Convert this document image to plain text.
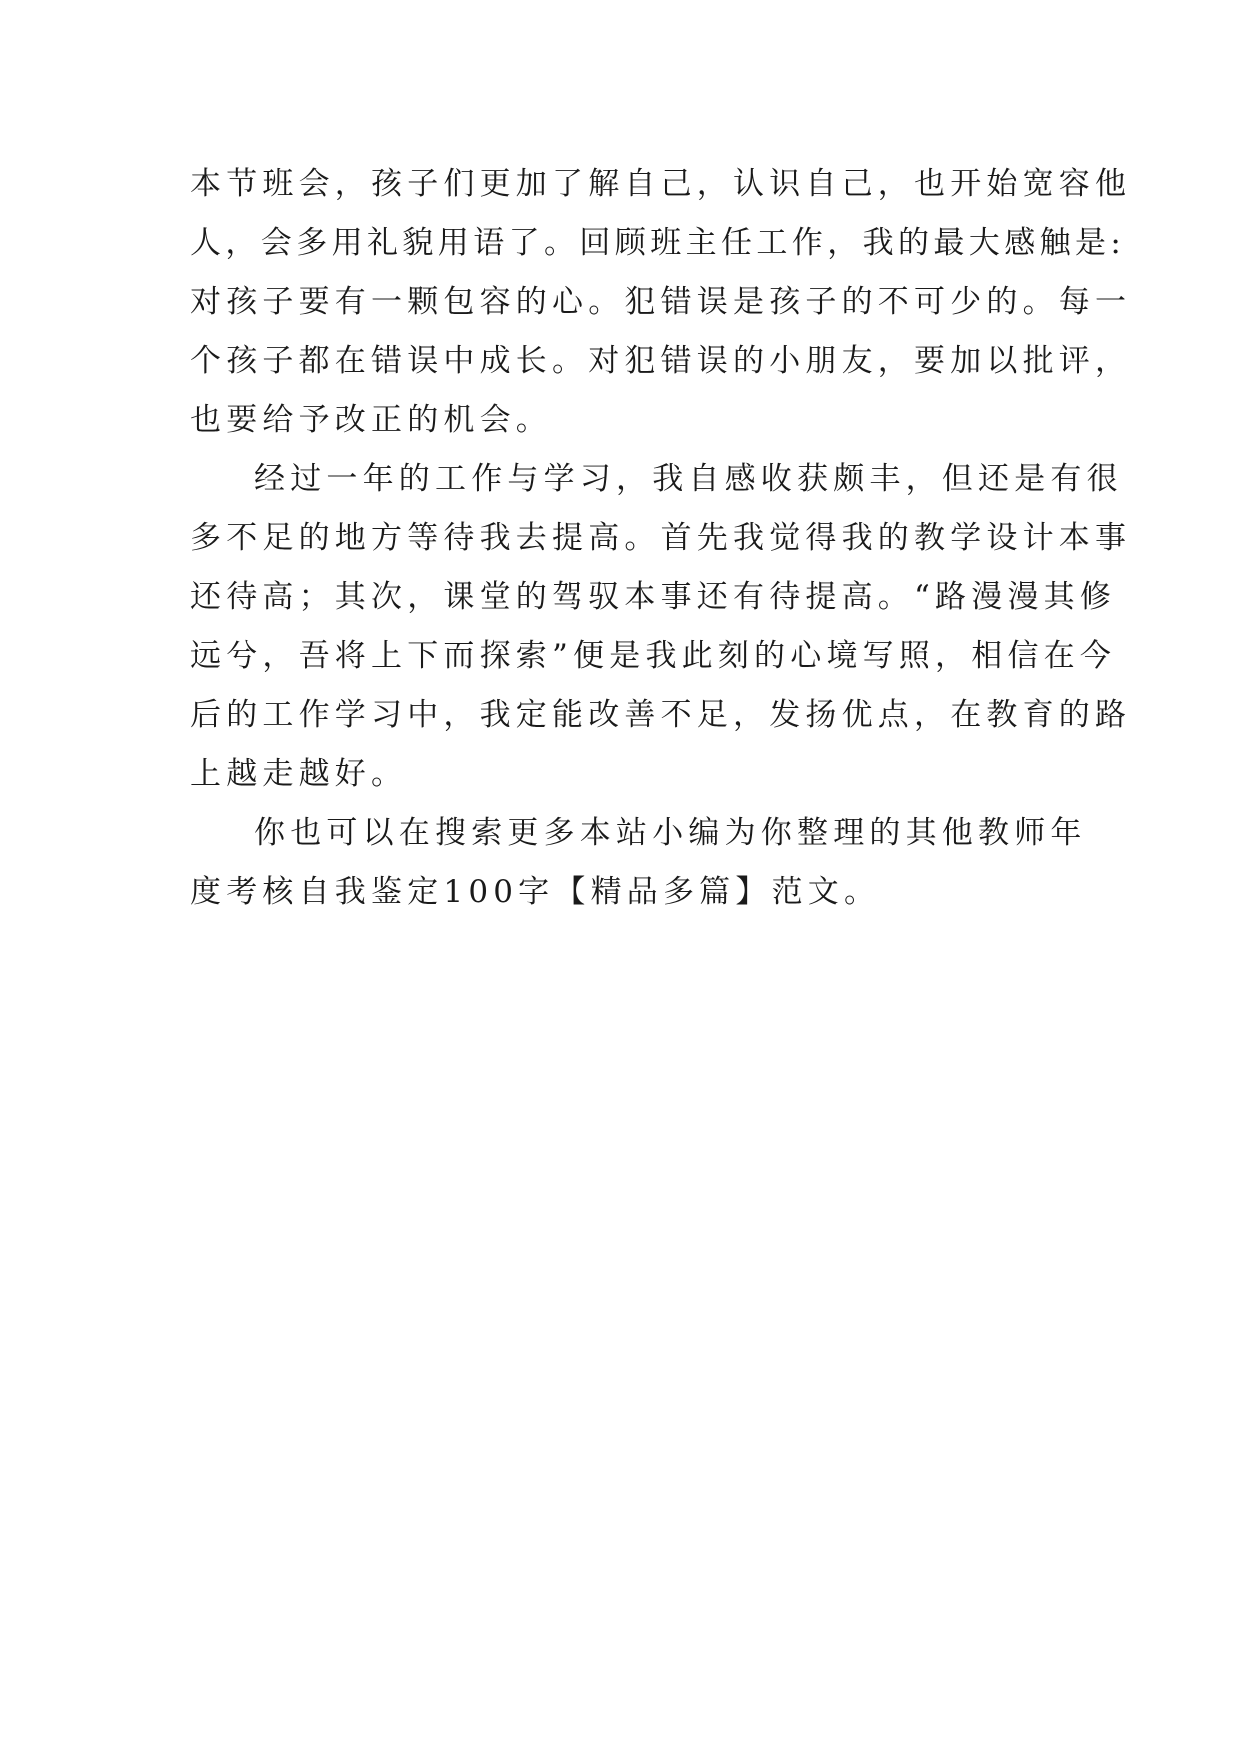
本节班会，孩子们更加了解自己，认识自己，也开始宽容他
人，会多用礼貌用语了。回顾班主任工作，我的最大感触是:
对孩子要有一颗包容的心。犯错误是孩子的不可少的。每一
个孩子都在错误中成长。对犯错误的小朋友，要加以批评，
也要给予改正的机会。
经过一年的工作与学习，我自感收获颇丰，但还是有很
多不足的地方等待我去提高。首先我觉得我的教学设计本事
还待高；其次，课堂的驾驭本事还有待提高。“路漫漫其修
远兮，吾将上下而探索”便是我此刻的心境写照，相信在今
后的工作学习中，我定能改善不足，发扬优点，在教育的路
上越走越好。
你也可以在搜索更多本站小编为你整理的其他教师年
度考核自我鉴定100字【精品多篇】范文。
